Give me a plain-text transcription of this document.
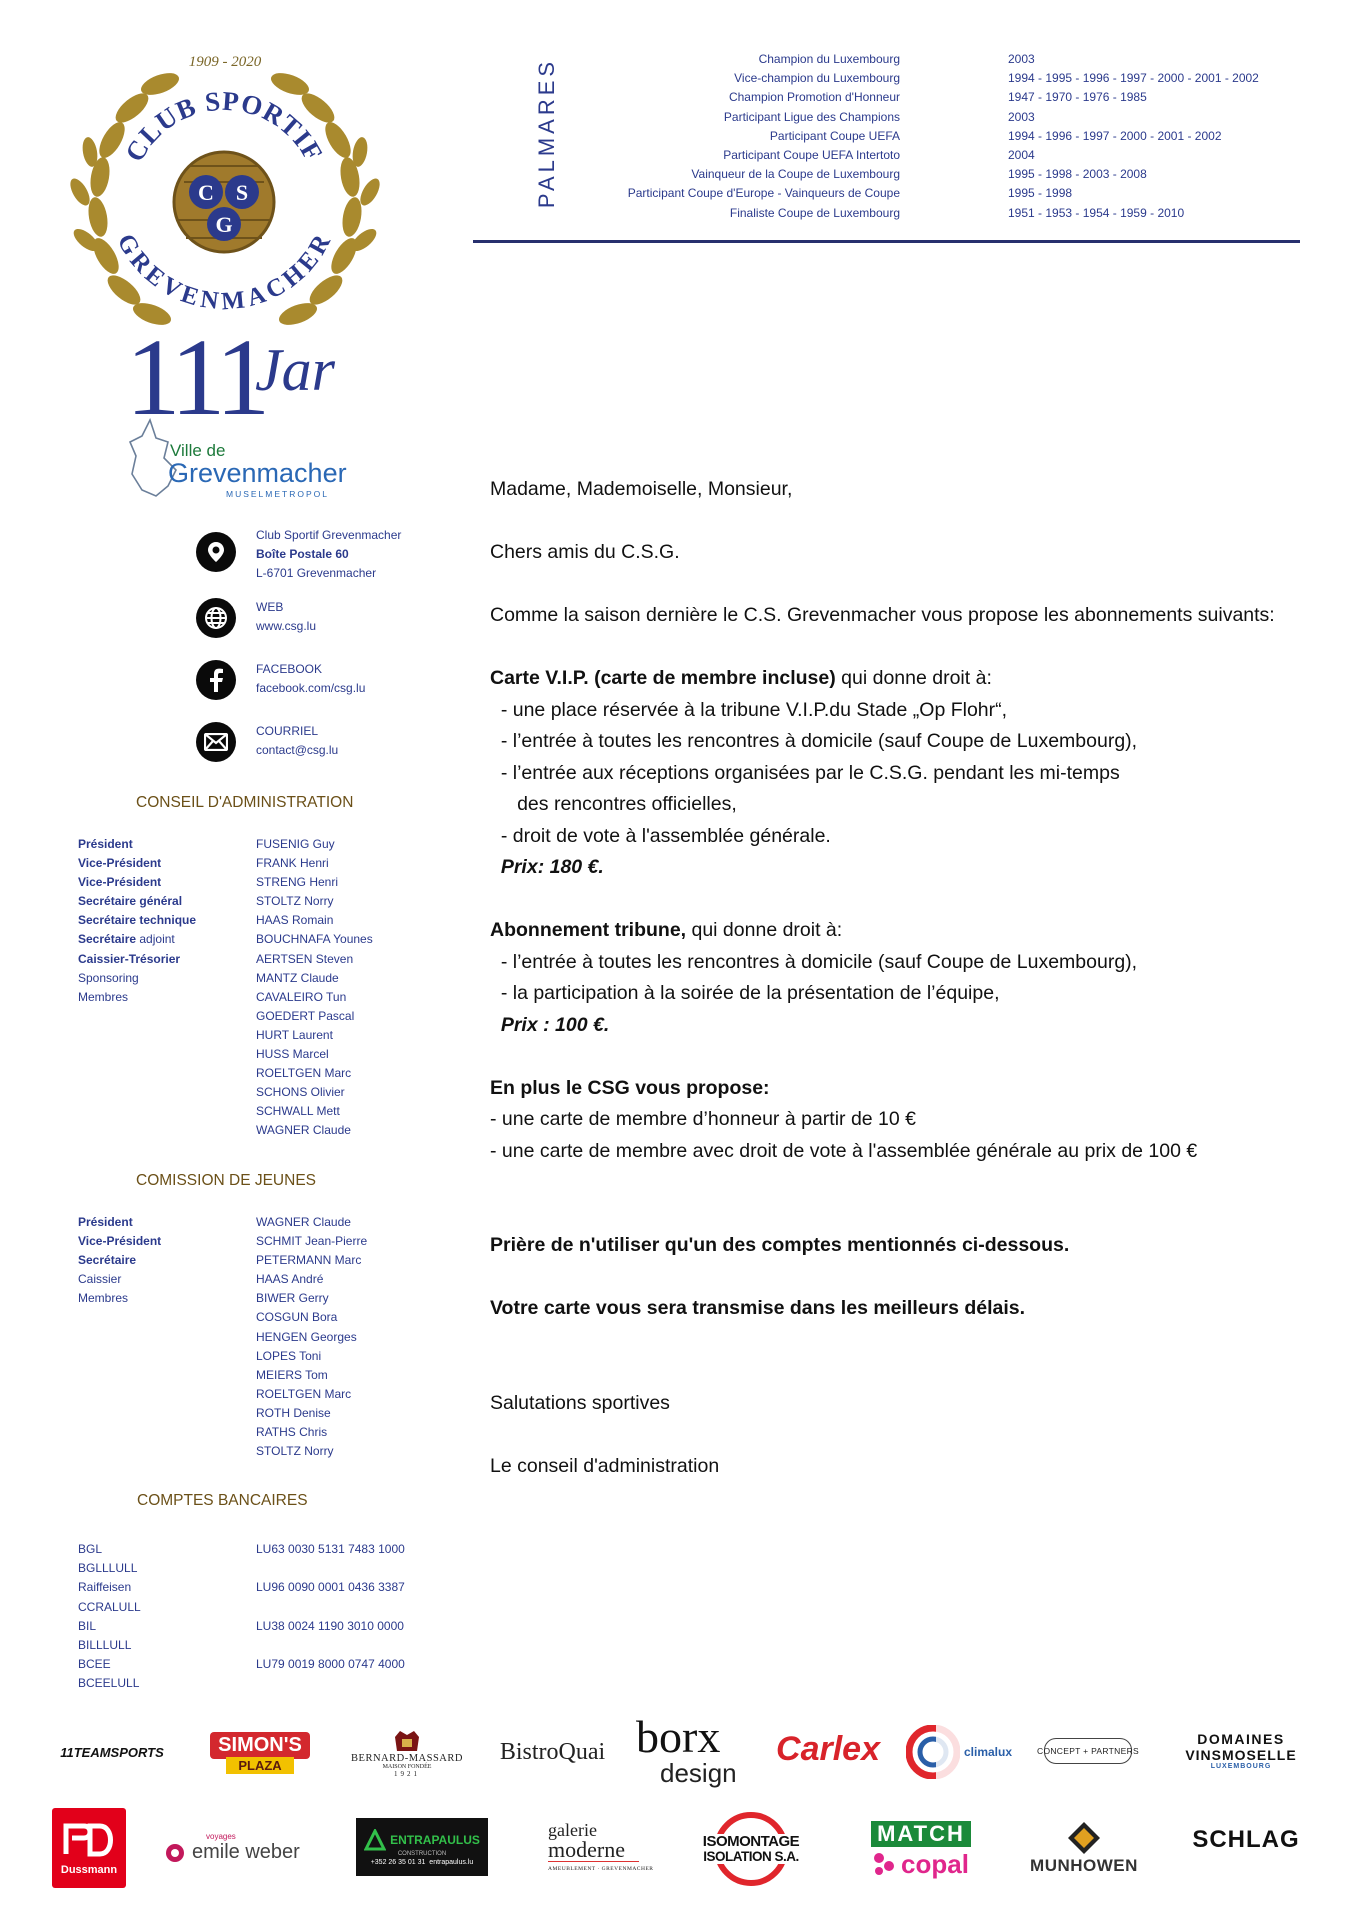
1909 - 2020
CLUB SPORTIF
GREVENMACHER
C S
G
111
Jar
PALMARES	Champion du Luxembourg	2003
Vice-champion du Luxembourg	1994 - 1995 - 1996 - 1997 - 2000 - 2001 - 2002
Champion Promotion d'Honneur	1947 - 1970 - 1976 - 1985
Participant Ligue des Champions	2003
Participant Coupe UEFA	1994 - 1996 - 1997 - 2000 - 2001 - 2002
Participant Coupe UEFA Intertoto	2004
Vainqueur de la Coupe de Luxembourg	1995 - 1998 - 2003 - 2008
Participant Coupe d'Europe - Vainqueurs de Coupe	1995 - 1998
Finaliste Coupe de Luxembourg	1951 - 1953 - 1954 - 1959 - 2010
Ville de
Grevenmacher
MUSELMETROPOL
Club Sportif Grevenmacher
Boîte Postale 60
L-6701 Grevenmacher
WEB
www.csg.lu
FACEBOOK
facebook.com/csg.lu
COURRIEL
contact@csg.lu
CONSEIL D'ADMINISTRATION
Président	FUSENIG Guy
Vice-Président	FRANK Henri
Vice-Président	STRENG Henri
Secrétaire général	STOLTZ Norry
Secrétaire technique	HAAS Romain
Secrétaire adjoint	BOUCHNAFA Younes
Caissier-Trésorier	AERTSEN Steven
Sponsoring	MANTZ Claude
Membres	CAVALEIRO Tun
GOEDERT Pascal
HURT Laurent
HUSS Marcel
ROELTGEN Marc
SCHONS Olivier
SCHWALL Mett
WAGNER Claude
COMISSION DE JEUNES
Président	WAGNER Claude
Vice-Président	SCHMIT Jean-Pierre
Secrétaire	PETERMANN Marc
Caissier	HAAS André
Membres	BIWER Gerry
COSGUN Bora
HENGEN Georges
LOPES Toni
MEIERS Tom
ROELTGEN Marc
ROTH Denise
RATHS Chris
STOLTZ Norry
COMPTES BANCAIRES
BGL	LU63 0030 5131 7483 1000
BGLLLULL
Raiffeisen	LU96 0090 0001 0436 3387
CCRALULL
BIL	LU38 0024 1190 3010 0000
BILLLULL
BCEE	LU79 0019 8000 0747 4000
BCEELULL
Madame, Mademoiselle, Monsieur,
Chers amis du C.S.G.
Comme la saison dernière le C.S. Grevenmacher vous propose les abonnements suivants:
Carte V.I.P. (carte de membre incluse) qui donne droit à:
- une place réservée à la tribune V.I.P.du Stade „Op Flohr“,
- l’entrée à toutes les rencontres à domicile (sauf Coupe de Luxembourg),
- l’entrée aux réceptions organisées par le C.S.G. pendant les mi-temps
des rencontres officielles,
- droit de vote à l'assemblée générale.
Prix: 180 €.
Abonnement tribune, qui donne droit à:
- l’entrée à toutes les rencontres à domicile (sauf Coupe de Luxembourg),
- la participation à la soirée de la présentation de l’équipe,
Prix : 100 €.
En plus le CSG vous propose:
- une carte de membre d’honneur à partir de 10 €
- une carte de membre avec droit de vote à l'assemblée générale au prix de 100 €
Prière de n'utiliser qu'un des comptes mentionnés ci-dessous.
Votre carte vous sera transmise dans les meilleurs délais.
Salutations sportives
Le conseil d'administration
11TEAMSPORTS	SIMON'S
PLAZA	BERNARD-MASSARD
MAISON FONDÉE
1921
BistroQuai borx
design
Carlex	climalux	CONCEPT + PARTNERS
DOMAINES
VINSMOSELLE
LUXEMBOURG
Dussmann
voyages
emile weber
ENTRAPAULUS
CONSTRUCTION
+352 26 35 01 31 entrapaulus.lu
galerie
moderne
AMEUBLEMENT · GREVENMACHER
ISOMONTAGE
ISOLATION S.A.
MATCH
copal	MUNHOWEN
SCHLAG
